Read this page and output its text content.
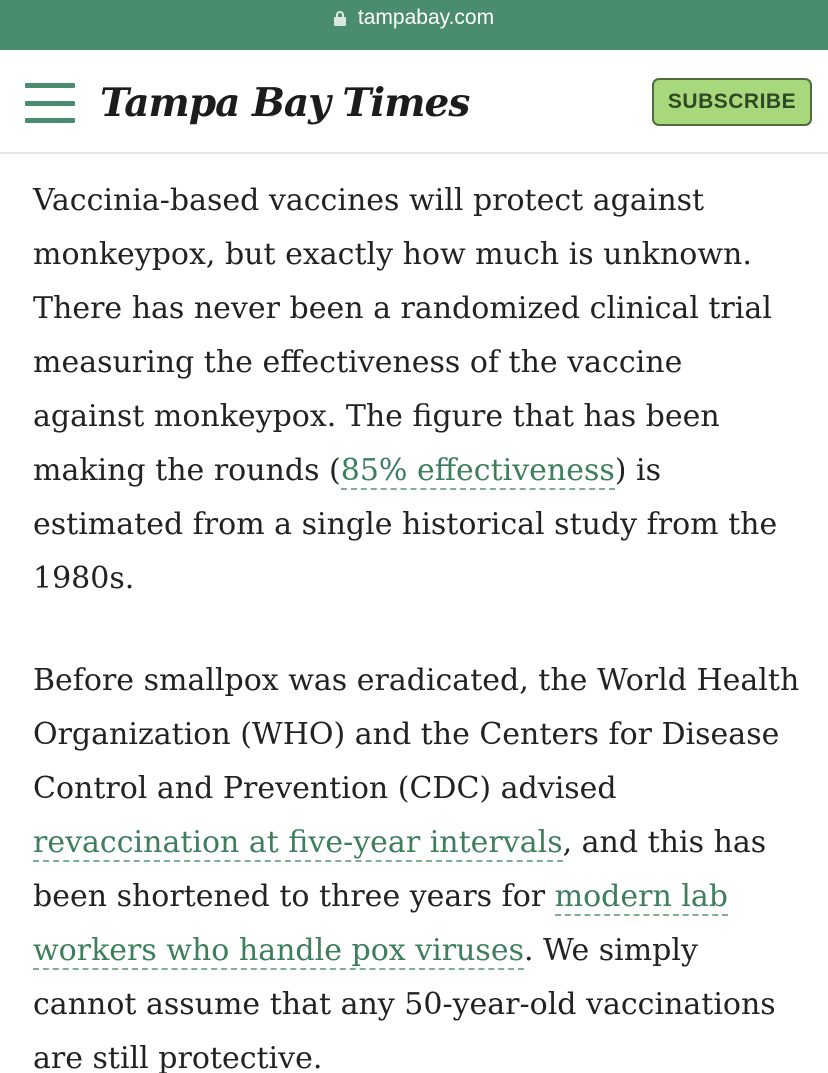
tampabay.com

Tampa Bay Times	SUBSCRIBE

Vaccinia-based vaccines will protect against monkeypox, but exactly how much is unknown. There has never been a randomized clinical trial measuring the effectiveness of the vaccine against monkeypox. The figure that has been making the rounds (85% effectiveness) is estimated from a single historical study from the 1980s.

Before smallpox was eradicated, the World Health Organization (WHO) and the Centers for Disease Control and Prevention (CDC) advised revaccination at five-year intervals, and this has been shortened to three years for modern lab workers who handle pox viruses. We simply cannot assume that any 50-year-old vaccinations are still protective.
